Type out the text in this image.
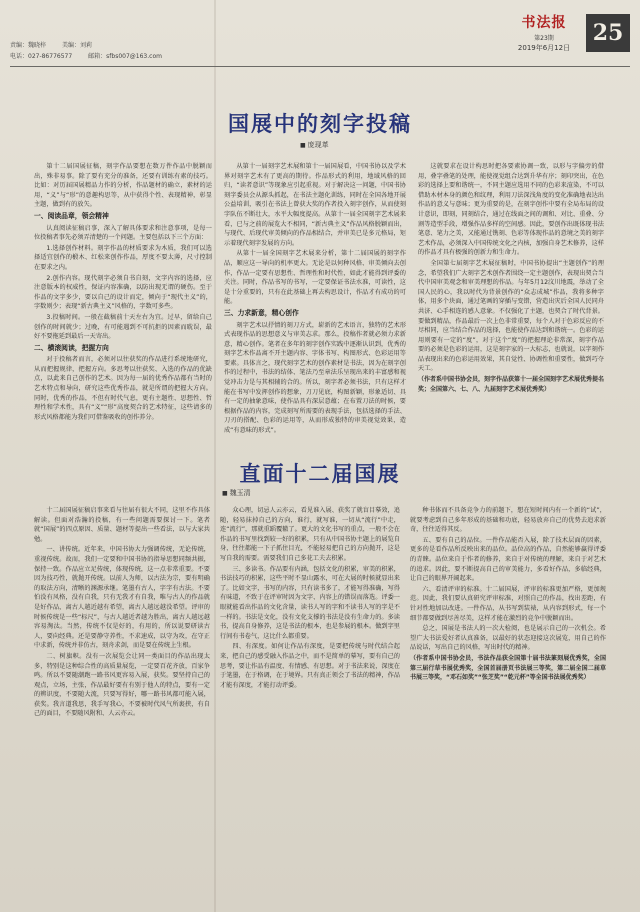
责编：魏晓梓	美编：刘莉
电话：027-86776577	邮箱：sfbs007@163.com
书法报
第23期
2019年6月12日
25
国展中的刻字投稿
■ 庞现革

第十二届国展征稿，刻字作品要想在数万件作品中脱颖而出，殊非易事。除了要有充分的准备，还要有训练有素的技巧。比如：对历届国展精品力作的分析，作品题材的确立，素材的运用，“义”与“形”的意趣构思等，从中获得个性、表现精神，彰显主题，做到有的放矢。

一、阅读品章，领会精神

认真阅读征稿启事，深入了解具体要求和注意事项，是每一位投稿者事先必须弄清楚的一个问题。主要包括以下三个方面：

1.选择创作材料。刻字作品的材质要求为木质，我们可以选择适宜创作的椴木、红松来创作作品，厚度不要太薄，尺寸控制在要求之内。

2.创作内容。现代刻字必须自书自刻，文字内容的选择，应注意版本的权威性，保证内容准确，以防出现无谓的硬伤。至于作品的文字多少，要以自己的设计而定，倾向于“现代主义”的，字数则少；表现“新古典主义”风格的，字数可多些。

3.投稿时间。一般在截稿前十天左右为宜。过早，留给自己创作的时间就少；过晚，有可能遇到不可抗拒的因素而耽误，最好不要拖延到最后一天寄出。

二、横滚阅读，把握方向

对于投稿者而言，必须对以往获奖的作品进行系统地研究，从而把握规律，把握方向。多思考以往获奖、入选的作品的优缺点，以此来自己创作的艺术。因为每一届的优秀作品都有当时的艺术特点和导向，研究这些优秀作品，就是所谓的把握大方向。同时，优秀的作品，不但有时代气息，更有主题性、思想性、哲理性和学术性，具有“义”“形”高度契合的艺术特征，这些请多的形式风格都能为我们可借鉴吸收的创作养分。

从第十一届刻字艺术展和第十一届国展看，中国书协以及学术界对刻字艺术有了更高的期待。作品形式的利用，地域风格的回归，“读者意识”等现象应引起重视。对于解决这一问题，中国书协刻字委员会从源头抓起，在书法主题化训练，同时在全国各地开展公益培训，吸引在书法上曾获大奖的作者投入刻字创作，从而使刻字队伍不断壮大，水平大幅度提高。从第十一届全国刻字艺术展来看，已与之前的展览大不相同，“新古典主义”作品风格脱颖而出，与现代、后现代审美倾向的作品相结合，并审美已是多元格局，矩示着现代刻字发展的方向。

从第十一届全国刻字艺术展来分析，第十二届国展的刻字作品，顺应这一导向的机率更大。无论是以何种风格、审美倾向去创作，作品一定要有思想性、哲理性和时代性，如此才能得到评委的关注。同时，作品书写的书写，一定要保证书法水准，可读性，这是十分重要的，只有在此基础上再去构思设计，作品才有成功的可能。

三、力求新意，精心创作

刻字艺术以抒情的刻刀方式，崭新的艺术语言，独特的艺术形式表现作品的思想意义与审美志求。那么，投稿作者就必须力求新意，精心创作。笔者在多年的刻字创作实践中逐渐认识到，优秀的刻字艺术作品离不开主题内容、字体书写、构图形式、色彩运用等要素。具体言之，现代刻字艺术的创作素材是书法，因为在刻字创作的过程中，书法的结体、笔法乃至章法乐呈现出来的丰富感和视觉冲击力是与其相辅的合的。所以，刻字者必须书法，只有这样才能在书写中发挥创作的想象，刀刀见底，构图新颖，形象适切、具有一定的抽象意味，使作品具有深层意蕴；在布置刀法的时候，要根据作品的内容，完成刻写所需要的表现手法，包括选择的手法、刀刃的搭配、色彩的运用等，从而形成独特的审美视觉效果，造成“有意味的形式”。

这就要求在设计构思时把各要素协调一致，以形与字偏旁的借用，叠字叠笔的处理，能使视觉组合达到升华有序；刻印突出，在色彩的选择上要和谐统一，不同主题应选用不同的色彩来渲染，不可以借助木材本身的颜色和纹理，利用刀法深浅角度的变化准确地表达出作品的意义与意味；更为重要的是，在刻字创作中要有全局布局的设计意识，即刻，同刻结合，通过在线面之间的调和、对比、重叠、分割等造型手段，增强作品多样的空间感。因此，要创作出既体现书法笔意、笔力之美，又能通过镌刻、色彩等体现作品的意境之美的刻字艺术作品，必须深入中国传统文化之内核，加强自身艺术修养，这样的作品才具有极强的创新力和生命力。

全国第七届刻字艺术展征稿时，中国书协提出“主题创作”的理念，希望我们广大刻字艺术创作者围绕一定主题创作，表现出契合当代中国审美观念和审美理想的作品。与年5月12汶川地震，举动了全国人民的心，我以时代为背景创作的“众志成城”作品，我将多种字体，用多个块面，通过笔画的穿插与变错，营造出灾后全国人民同舟共济、心手相连的感人意象。不仅强化了主题，也契合了时代背景。要做到精品，作品最后一次上色非常重要，每个人对于色彩反应的不尽相同，应当结合作品的选择，也能使作品达到和谐统一。色彩的运用则要有一定的“度”，对于这个“度”的把握理论非常深，刻字作品要的必须是色彩的运用，这是刻字家的一大标志，也就说，以字刻作品表现出来的色彩运用效果，其自觉性、协调性和重要性，做到巧夺天工。

（作者系中国书协会员，刻字作品获第十一届全国刻字艺术展优秀提名奖；全国第六、七、八、九届刻字艺术展优秀奖）

直面十二届国展
■ 魏玉清

十二届国展征稿启事来看与往届有很大不同，这里不作具体解读。但面对浩瀚的投稿，有一些问题需要探讨一下。笔者就“国展”的四点原因、质量、题材等提出一些看法，以与大家共勉。

一、讲传统。近年来，中国书协大力强调传统，无论传统，重视传统。故而，我们一定要和中国书协的指导思想同频共振，保持一致。作品应立足传统，体现传统，这一点非常重要。不要因为技巧性，就抛开传统。以前人为师，以古法为宗，要有明确的取法方向，清晰的渊源承继。笔墨有古人，字字有古法。不要怕没有风格，没有自我，只有无我才有自我，唯与古人的作品就是好作品，离古人越近越有希望，离古人越远越没希望。评审的时候传统是一些“标尺”，与古人越近者越为胜出，离古人越远越容易淘汰。当然，传统不仅是好的，有用的，所以说要研读古人，要向经典。还是要静守养性，不求速成，以守为攻，在守正中求新，传统并非仿古，刻舟求剑，而是要在传统上生根。

二、树旗帜。没有一次展览会让同一类面目的作品出现太多，特别是这种综合性的高质量展览，一定要百花齐放，百家争鸣。所以不要随潮跑一路书风更容易入展，获奖。要坚持自己的观点，立场，主张，作品最好要有有别于他人的特点，要有一定的辨识度，不要随大流，只要写得好，哪一路书风都可能入展，获奖。我言道我思，我手写我心，不要被时代风气所裹挟，有自己的面目，不要随风附和、人云亦云。

众心理，切忌人云亦云，看见谁入展、获奖了就盲目摹效，追随，轻易抹掉自己的方向，谁行，就写谁，一切从“流行”中走，连“流行”，那就重蹈覆辙了。更大的文化书写的重点，一般不会在作品的书写里找到较一好的积累，只有从中国书协主题上的展览自身，往往都能一下子抓住目光，不能轻易把自己的方向抛开，这是写自我的需要。需要我们自己多花工夫去积累。

三、多读书。作品要有内涵，包括文化的积累，审美的积累，书法技巧的积累，这些平时不显山露水，可在大展的时候就显出来了。比如文字，书写的内容，只有读书多了，才能写得准确，写得有味道，不致于在评审时因为文字、内容上的错误而落选。评委一眼就能看出作品的文化含量，读书人写的字和不读书人写的字是不一样的。书法是文化，没有文化支撑的书法是没有生命力的。多读书，提高自身修养，这是书法的根本，也是参展的根本。做到字里行间有书卷气，这比什么都重要。

四、有深度。如何让作品有深度，是要把传统与时代结合起来，把自己的感受融入作品之中，而不是简单的摹写，要有自己的思考，要让作品有温度、有情感、有思想。对于书法来说，深度在于笔墨，在于格调，在于境界。只有真正领会了书法的精神，作品才能有深度，才能打动评委。

种书体而不具备竞争力的前题下，想在短时间内有一个新的“试”，就要考虑到自己多年形成的基础和功底，轻易放弃自己的优势去追求新奇，往往适得其反。

五、要有自己的品位。一件作品能否入展，除了技术层面的因素，更多的是看作品所反映出来的品位。品位高的作品，自然能够赢得评委的青睐。品位来自于作者的修养，来自于对传统的理解，来自于对艺术的追求。因此，要不断提高自己的审美能力，多看好作品，多临经典，让自己的眼界开阔起来。

六、看清评审的标准。十二届国展，评审的标准更加严格，更加规范。因此，我们要认真研究评审标准，对照自己的作品，找出差距，有针对性地加以改进。一件作品，从书写到装裱，从内容到形式，每一个细节都要做到尽善尽美，这样才能在激烈的竞争中脱颖而出。

总之，国展是书法人的一次大检阅，也是展示自己的一次机会。希望广大书法爱好者认真准备，以最好的状态迎接这次展览，用自己的作品说话，写出自己的风格，写出时代的精神。

（作者系中国书协会员，书法作品获全国第十届书法篆刻展优秀奖，全国第三届行草书展优秀奖，全国首届册页书法展三等奖，第二届全国二届草书展三等奖，“邓石如奖”“张芝奖”“乾元杯”等全国书法展优秀奖）
